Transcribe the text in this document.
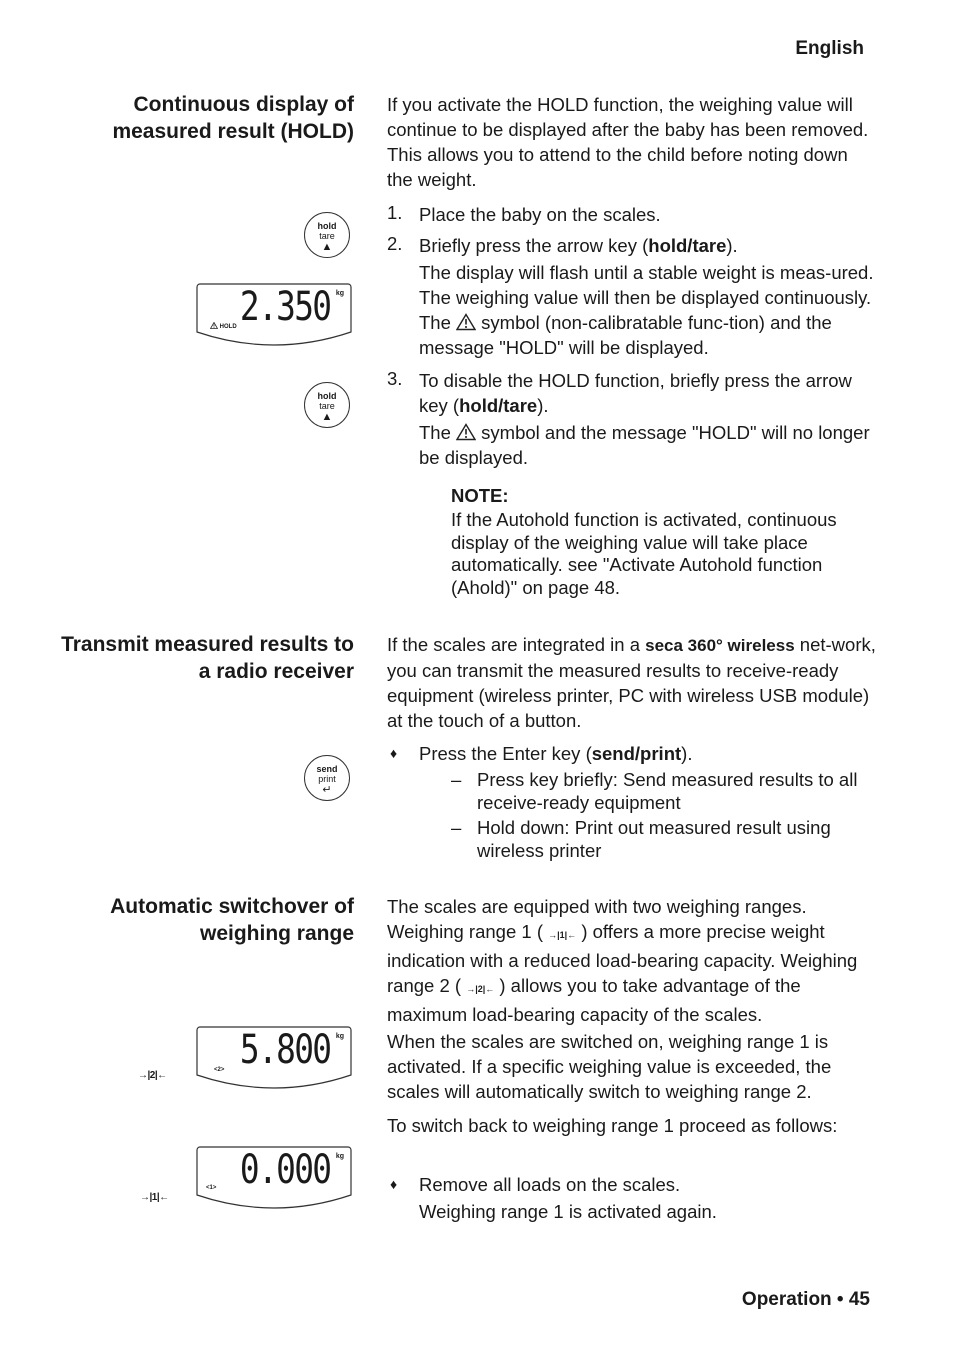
English
Continuous display of measured result (HOLD)

If you activate the HOLD function, the weighing value will continue to be displayed after the baby has been removed. This allows you to attend to the child before noting down the weight.

hold
tare
▲
2.350 kg
HOLD
hold
tare
▲
1. Place the baby on the scales.

2. Briefly press the arrow key (hold/tare).

The display will flash until a stable weight is meas-ured. The weighing value will then be displayed continuously. The symbol (non-calibratable func-tion) and the message "HOLD" will be displayed.

3. To disable the HOLD function, briefly press the arrow key (hold/tare).

The symbol and the message "HOLD" will no longer be displayed.

NOTE:

If the Autohold function is activated, continuous display of the weighing value will take place automatically. see "Activate Autohold function (Ahold)" on page 48.

Transmit measured results to a radio receiver

If the scales are integrated in a seca 360° wireless net-work, you can transmit the measured results to receive-ready equipment (wireless printer, PC with wireless USB module) at the touch of a button.

send
print
↵
♦ Press the Enter key (send/print).

– Press key briefly: Send measured results to all receive-ready equipment

– Hold down: Print out measured result using wireless printer

Automatic switchover of weighing range

The scales are equipped with two weighing ranges. Weighing range 1 ( →|1|← ) offers a more precise weight indication with a reduced load-bearing capacity. Weighing range 2 ( →|2|← ) allows you to take advantage of the maximum load-bearing capacity of the scales.

When the scales are switched on, weighing range 1 is activated. If a specific weighing value is exceeded, the scales will automatically switch to weighing range 2.

To switch back to weighing range 1 proceed as follows:

♦ Remove all loads on the scales.

Weighing range 1 is activated again.

→|2|←
5.800 kg
<2>
→|1|←
0.000 kg
<1>
Operation • 45
